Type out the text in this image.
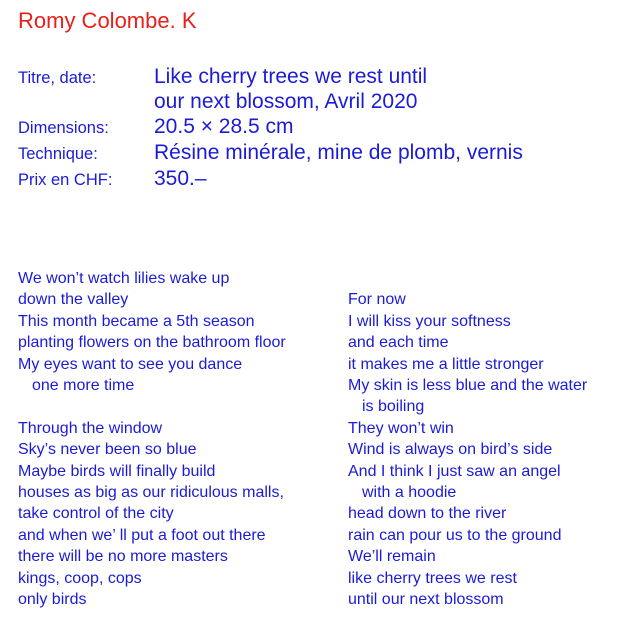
Romy Colombe. K
Titre, date:	Like cherry trees we rest until
our next blossom, Avril 2020
Dimensions:	20.5 × 28.5 cm
Technique:	Résine minérale, mine de plomb, vernis
Prix en CHF:	350.–
We won’t watch lilies wake up
down the valley
This month became a 5th season
planting flowers on the bathroom floor
My eyes want to see you dance
one more time
Through the window
Sky’s never been so blue
Maybe birds will finally build
houses as big as our ridiculous malls,
take control of the city
and when we’ ll put a foot out there
there will be no more masters
kings, coop, cops
only birds
For now
I will kiss your softness
and each time
it makes me a little stronger
My skin is less blue and the water
is boiling
They won’t win
Wind is always on bird’s side
And I think I just saw an angel
with a hoodie
head down to the river
rain can pour us to the ground
We’ll remain
like cherry trees we rest
until our next blossom
